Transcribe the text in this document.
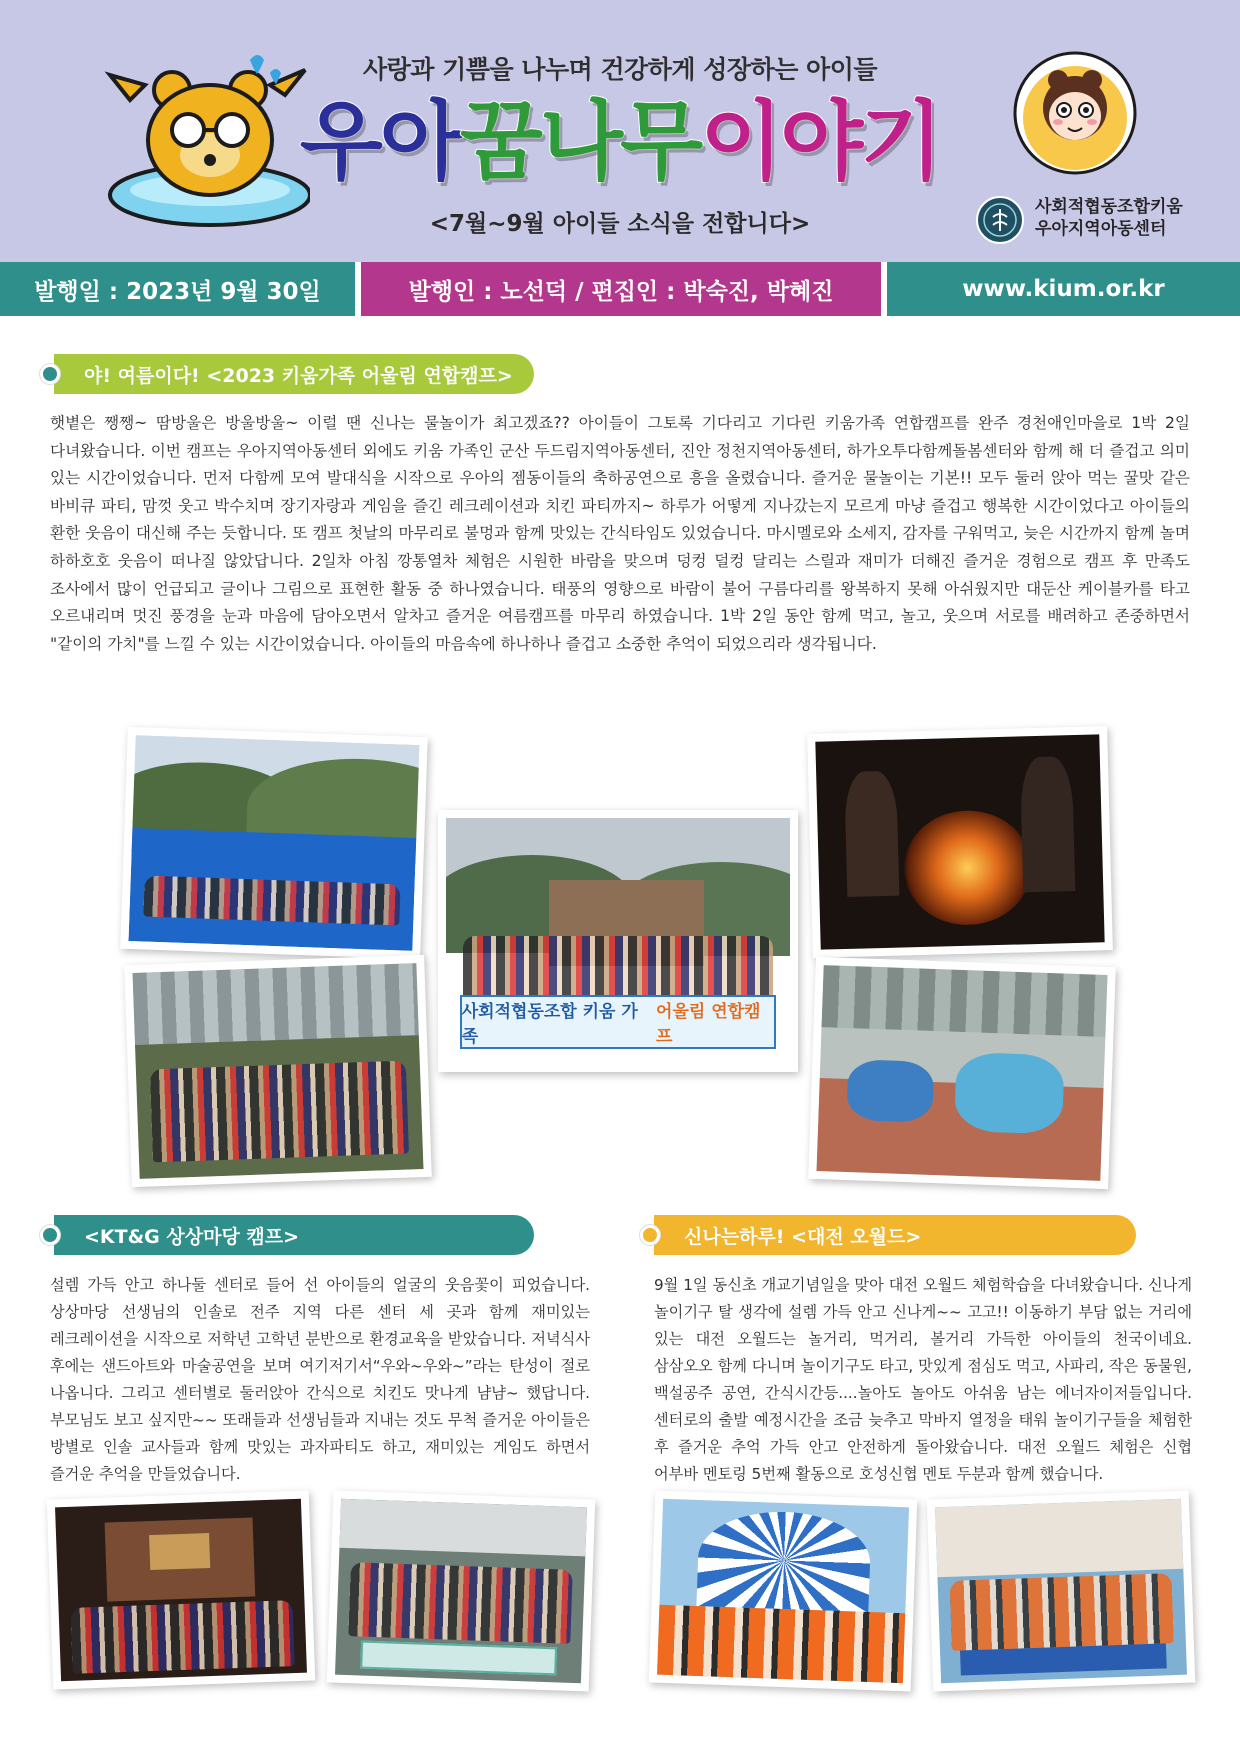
사랑과 기쁨을 나누며 건강하게 성장하는 아이들
우아꿈나무이야기
<7월~9월 아이들 소식을 전합니다>
사회적협동조합키움
우아지역아동센터
발행일 : 2023년 9월 30일	발행인 : 노선덕 / 편집인 : 박숙진, 박혜진	www.kium.or.kr
야! 여름이다! <2023 키움가족 어울림 연합캠프>
햇볕은 쨍쨍~ 땀방울은 방울방울~ 이럴 땐 신나는 물놀이가 최고겠죠?? 아이들이 그토록 기다리고 기다린 키움가족 연합캠프를 완주 경천애인마을로 1박 2일 다녀왔습니다. 이번 캠프는 우아지역아동센터 외에도 키움 가족인 군산 두드림지역아동센터, 진안 정천지역아동센터, 하가오투다함께돌봄센터와 함께 해 더 즐겁고 의미 있는 시간이었습니다. 먼저 다함께 모여 발대식을 시작으로 우아의 젬동이들의 축하공연으로 흥을 올렸습니다. 즐거운 물놀이는 기본!! 모두 둘러 앉아 먹는 꿀맛 같은 바비큐 파티, 맘껏 웃고 박수치며 장기자랑과 게임을 즐긴 레크레이션과 치킨 파티까지~ 하루가 어떻게 지나갔는지 모르게 마냥 즐겁고 행복한 시간이었다고 아이들의 환한 웃음이 대신해 주는 듯합니다. 또 캠프 첫날의 마무리로 불멍과 함께 맛있는 간식타임도 있었습니다. 마시멜로와 소세지, 감자를 구워먹고, 늦은 시간까지 함께 놀며 하하호호 웃음이 떠나질 않았답니다. 2일차 아침 깡통열차 체험은 시원한 바람을 맞으며 덩컹 덜컹 달리는 스릴과 재미가 더해진 즐거운 경험으로 캠프 후 만족도 조사에서 많이 언급되고 글이나 그림으로 표현한 활동 중 하나였습니다. 태풍의 영향으로 바람이 불어 구름다리를 왕복하지 못해 아쉬웠지만 대둔산 케이블카를 타고 오르내리며 멋진 풍경을 눈과 마음에 담아오면서 알차고 즐거운 여름캠프를 마무리 하였습니다. 1박 2일 동안 함께 먹고, 놀고, 웃으며 서로를 배려하고 존중하면서 "같이의 가치"를 느낄 수 있는 시간이었습니다. 아이들의 마음속에 하나하나 즐겁고 소중한 추억이 되었으리라 생각됩니다.
사회적협동조합 키움 가족
어울림 연합캠프
<KT&G 상상마당 캠프>
설렘 가득 안고 하나둘 센터로 들어 선 아이들의 얼굴의 웃음꽃이 피었습니다. 상상마당 선생님의 인솔로 전주 지역 다른 센터 세 곳과 함께 재미있는 레크레이션을 시작으로 저학년 고학년 분반으로 환경교육을 받았습니다. 저녁식사 후에는 샌드아트와 마술공연을 보며 여기저기서“우와~우와~”라는 탄성이 절로 나옵니다. 그리고 센터별로 둘러앉아 간식으로 치킨도 맛나게 냠냠~ 했답니다. 부모님도 보고 싶지만~~ 또래들과 선생님들과 지내는 것도 무척 즐거운 아이들은 방별로 인솔 교사들과 함께 맛있는 과자파티도 하고, 재미있는 게임도 하면서 즐거운 추억을 만들었습니다.
신나는하루! <대전 오월드>
9월 1일 동신초 개교기념일을 맞아 대전 오월드 체험학습을 다녀왔습니다. 신나게 놀이기구 탈 생각에 설렘 가득 안고 신나게~~ 고고!! 이동하기 부담 없는 거리에 있는 대전 오월드는 놀거리, 먹거리, 볼거리 가득한 아이들의 천국이네요. 삼삼오오 함께 다니며 놀이기구도 타고, 맛있게 점심도 먹고, 사파리, 작은 동물원, 백설공주 공연, 간식시간등....놀아도 놀아도 아쉬움 남는 에너자이저들입니다. 센터로의 출발 예정시간을 조금 늦추고 막바지 열정을 태워 놀이기구들을 체험한 후 즐거운 추억 가득 안고 안전하게 돌아왔습니다. 대전 오월드 체험은 신협 어부바 멘토링 5번째 활동으로 호성신협 멘토 두분과 함께 했습니다.
